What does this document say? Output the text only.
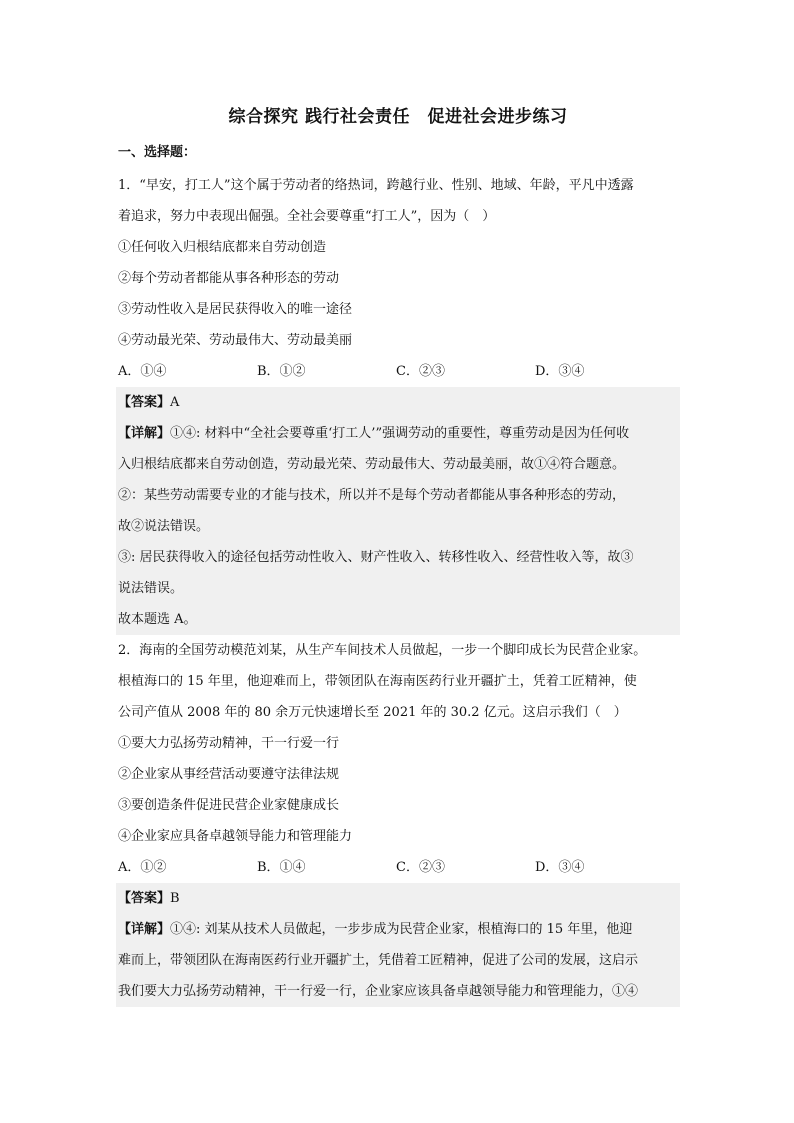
综合探究 践行社会责任　促进社会进步练习
一、选择题：
1．“早安，打工人”这个属于劳动者的络热词，跨越行业、性别、地域、年龄，平凡中透露
着追求，努力中表现出倔强。全社会要尊重“打工人”，因为（　）
①任何收入归根结底都来自劳动创造
②每个劳动者都能从事各种形态的劳动
③劳动性收入是居民获得收入的唯一途径
④劳动最光荣、劳动最伟大、劳动最美丽
A．①④	B．①②	C．②③	D．③④
【答案】A
【详解】①④: 材料中“全社会要尊重‘打工人’”强调劳动的重要性，尊重劳动是因为任何收
入归根结底都来自劳动创造，劳动最光荣、劳动最伟大、劳动最美丽，故①④符合题意。
②：某些劳动需要专业的才能与技术，所以并不是每个劳动者都能从事各种形态的劳动，
故②说法错误。
③: 居民获得收入的途径包括劳动性收入、财产性收入、转移性收入、经营性收入等，故③
说法错误。
故本题选 A。
2．海南的全国劳动模范刘某，从生产车间技术人员做起，一步一个脚印成长为民营企业家。
根植海口的 15 年里，他迎难而上，带领团队在海南医药行业开疆扩土，凭着工匠精神，使
公司产值从 2008 年的 80 余万元快速增长至 2021 年的 30.2 亿元。这启示我们（　）
①要大力弘扬劳动精神，干一行爱一行
②企业家从事经营活动要遵守法律法规
③要创造条件促进民营企业家健康成长
④企业家应具备卓越领导能力和管理能力
A．①②	B．①④	C．②③	D．③④
【答案】B
【详解】①④: 刘某从技术人员做起，一步步成为民营企业家，根植海口的 15 年里，他迎
难而上，带领团队在海南医药行业开疆扩土，凭借着工匠精神，促进了公司的发展，这启示
我们要大力弘扬劳动精神，干一行爱一行，企业家应该具备卓越领导能力和管理能力，①④
